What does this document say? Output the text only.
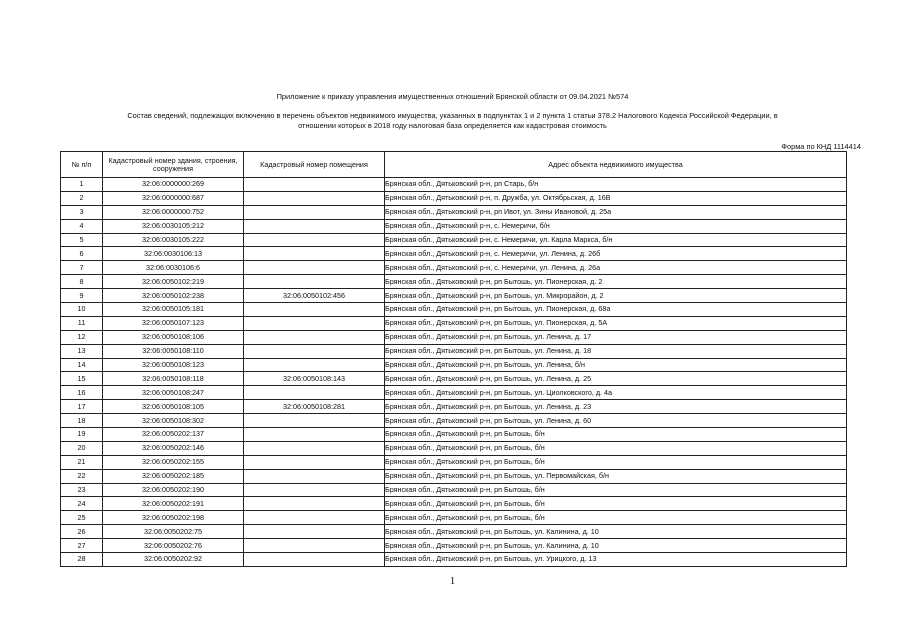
Приложение к приказу управления имущественных отношений Брянской области от 09.04.2021 №574
Состав сведений, подлежащих включению в перечень объектов недвижимого имущества, указанных в подпунктах 1 и 2 пункта 1 статьи 378.2 Налогового Кодекса Российской Федерации, в
отношении которых в 2018 году налоговая база определяется как кадастровая стоимость
Форма по КНД 1114414
№ п/п	Кадастровый номер здания, строения, сооружения	Кадастровый номер помещения	Адрес объекта недвижимого имущества
1	32:06:0000000:269		Брянская обл., Дятьковский р-н, рп Старь, б/н
2	32:06:0000000:687		Брянская обл., Дятьковский р-н, п. Дружба, ул. Октябрьская, д. 16В
3	32:06:0000000:752		Брянская обл., Дятьковский р-н, рп Ивот, ул. Зины Ивановой, д. 25а
4	32:06:0030105:212		Брянская обл., Дятьковский р-н, с. Немеричи, б/н
5	32:06:0030105:222		Брянская обл., Дятьковский р-н, с. Немеричи, ул. Карла Маркса, б/н
6	32:06:0030106:13		Брянская обл., Дятьковский р-н, с. Немеричи, ул. Ленина, д. 26б
7	32:06:0030106:6		Брянская обл., Дятьковский р-н, с. Немеричи, ул. Ленина, д. 26а
8	32:06:0050102:219		Брянская обл., Дятьковский р-н, рп Бытошь, ул. Пионерская, д. 2
9	32:06:0050102:238	32:06:0050102:456	Брянская обл., Дятьковский р-н, рп Бытошь, ул. Микрорайон, д. 2
10	32:06:0050105:181		Брянская обл., Дятьковский р-н, рп Бытошь, ул. Пионерская, д. 68а
11	32:06:0050107:123		Брянская обл., Дятьковский р-н, рп Бытошь, ул. Пионерская, д. 5А
12	32:06:0050108:106		Брянская обл., Дятьковский р-н, рп Бытошь, ул. Ленина, д. 17
13	32:06:0050108:110		Брянская обл., Дятьковский р-н, рп Бытошь, ул. Ленина, д. 18
14	32:06:0050108:123		Брянская обл., Дятьковский р-н, рп Бытошь, ул. Ленина, б/н
15	32:06:0050108:118	32:06:0050108:143	Брянская обл., Дятьковский р-н, рп Бытошь, ул. Ленина, д. 25
16	32:06:0050108:247		Брянская обл., Дятьковский р-н, рп Бытошь, ул. Циолковского, д. 4а
17	32:06:0050108:105	32:06:0050108:281	Брянская обл., Дятьковский р-н, рп Бытошь, ул. Ленина, д. 23
18	32:06:0050108:302		Брянская обл., Дятьковский р-н, рп Бытошь, ул. Ленина, д. 60
19	32:06:0050202:137		Брянская обл., Дятьковский р-н, рп Бытошь, б/н
20	32:06:0050202:146		Брянская обл., Дятьковский р-н, рп Бытошь, б/н
21	32:06:0050202:155		Брянская обл., Дятьковский р-н, рп Бытошь, б/н
22	32:06:0050202:185		Брянская обл., Дятьковский р-н, рп Бытошь, ул. Первомайская, б/н
23	32:06:0050202:190		Брянская обл., Дятьковский р-н, рп Бытошь, б/н
24	32:06:0050202:191		Брянская обл., Дятьковский р-н, рп Бытошь, б/н
25	32:06:0050202:198		Брянская обл., Дятьковский р-н, рп Бытошь, б/н
26	32:06:0050202:75		Брянская обл., Дятьковский р-н, рп Бытошь, ул. Калинина, д. 10
27	32:06:0050202:76		Брянская обл., Дятьковский р-н, рп Бытошь, ул. Калинина, д. 10
28	32:06:0050202:92		Брянская обл., Дятьковский р-н, рп Бытошь, ул. Урицкого, д. 13
1
